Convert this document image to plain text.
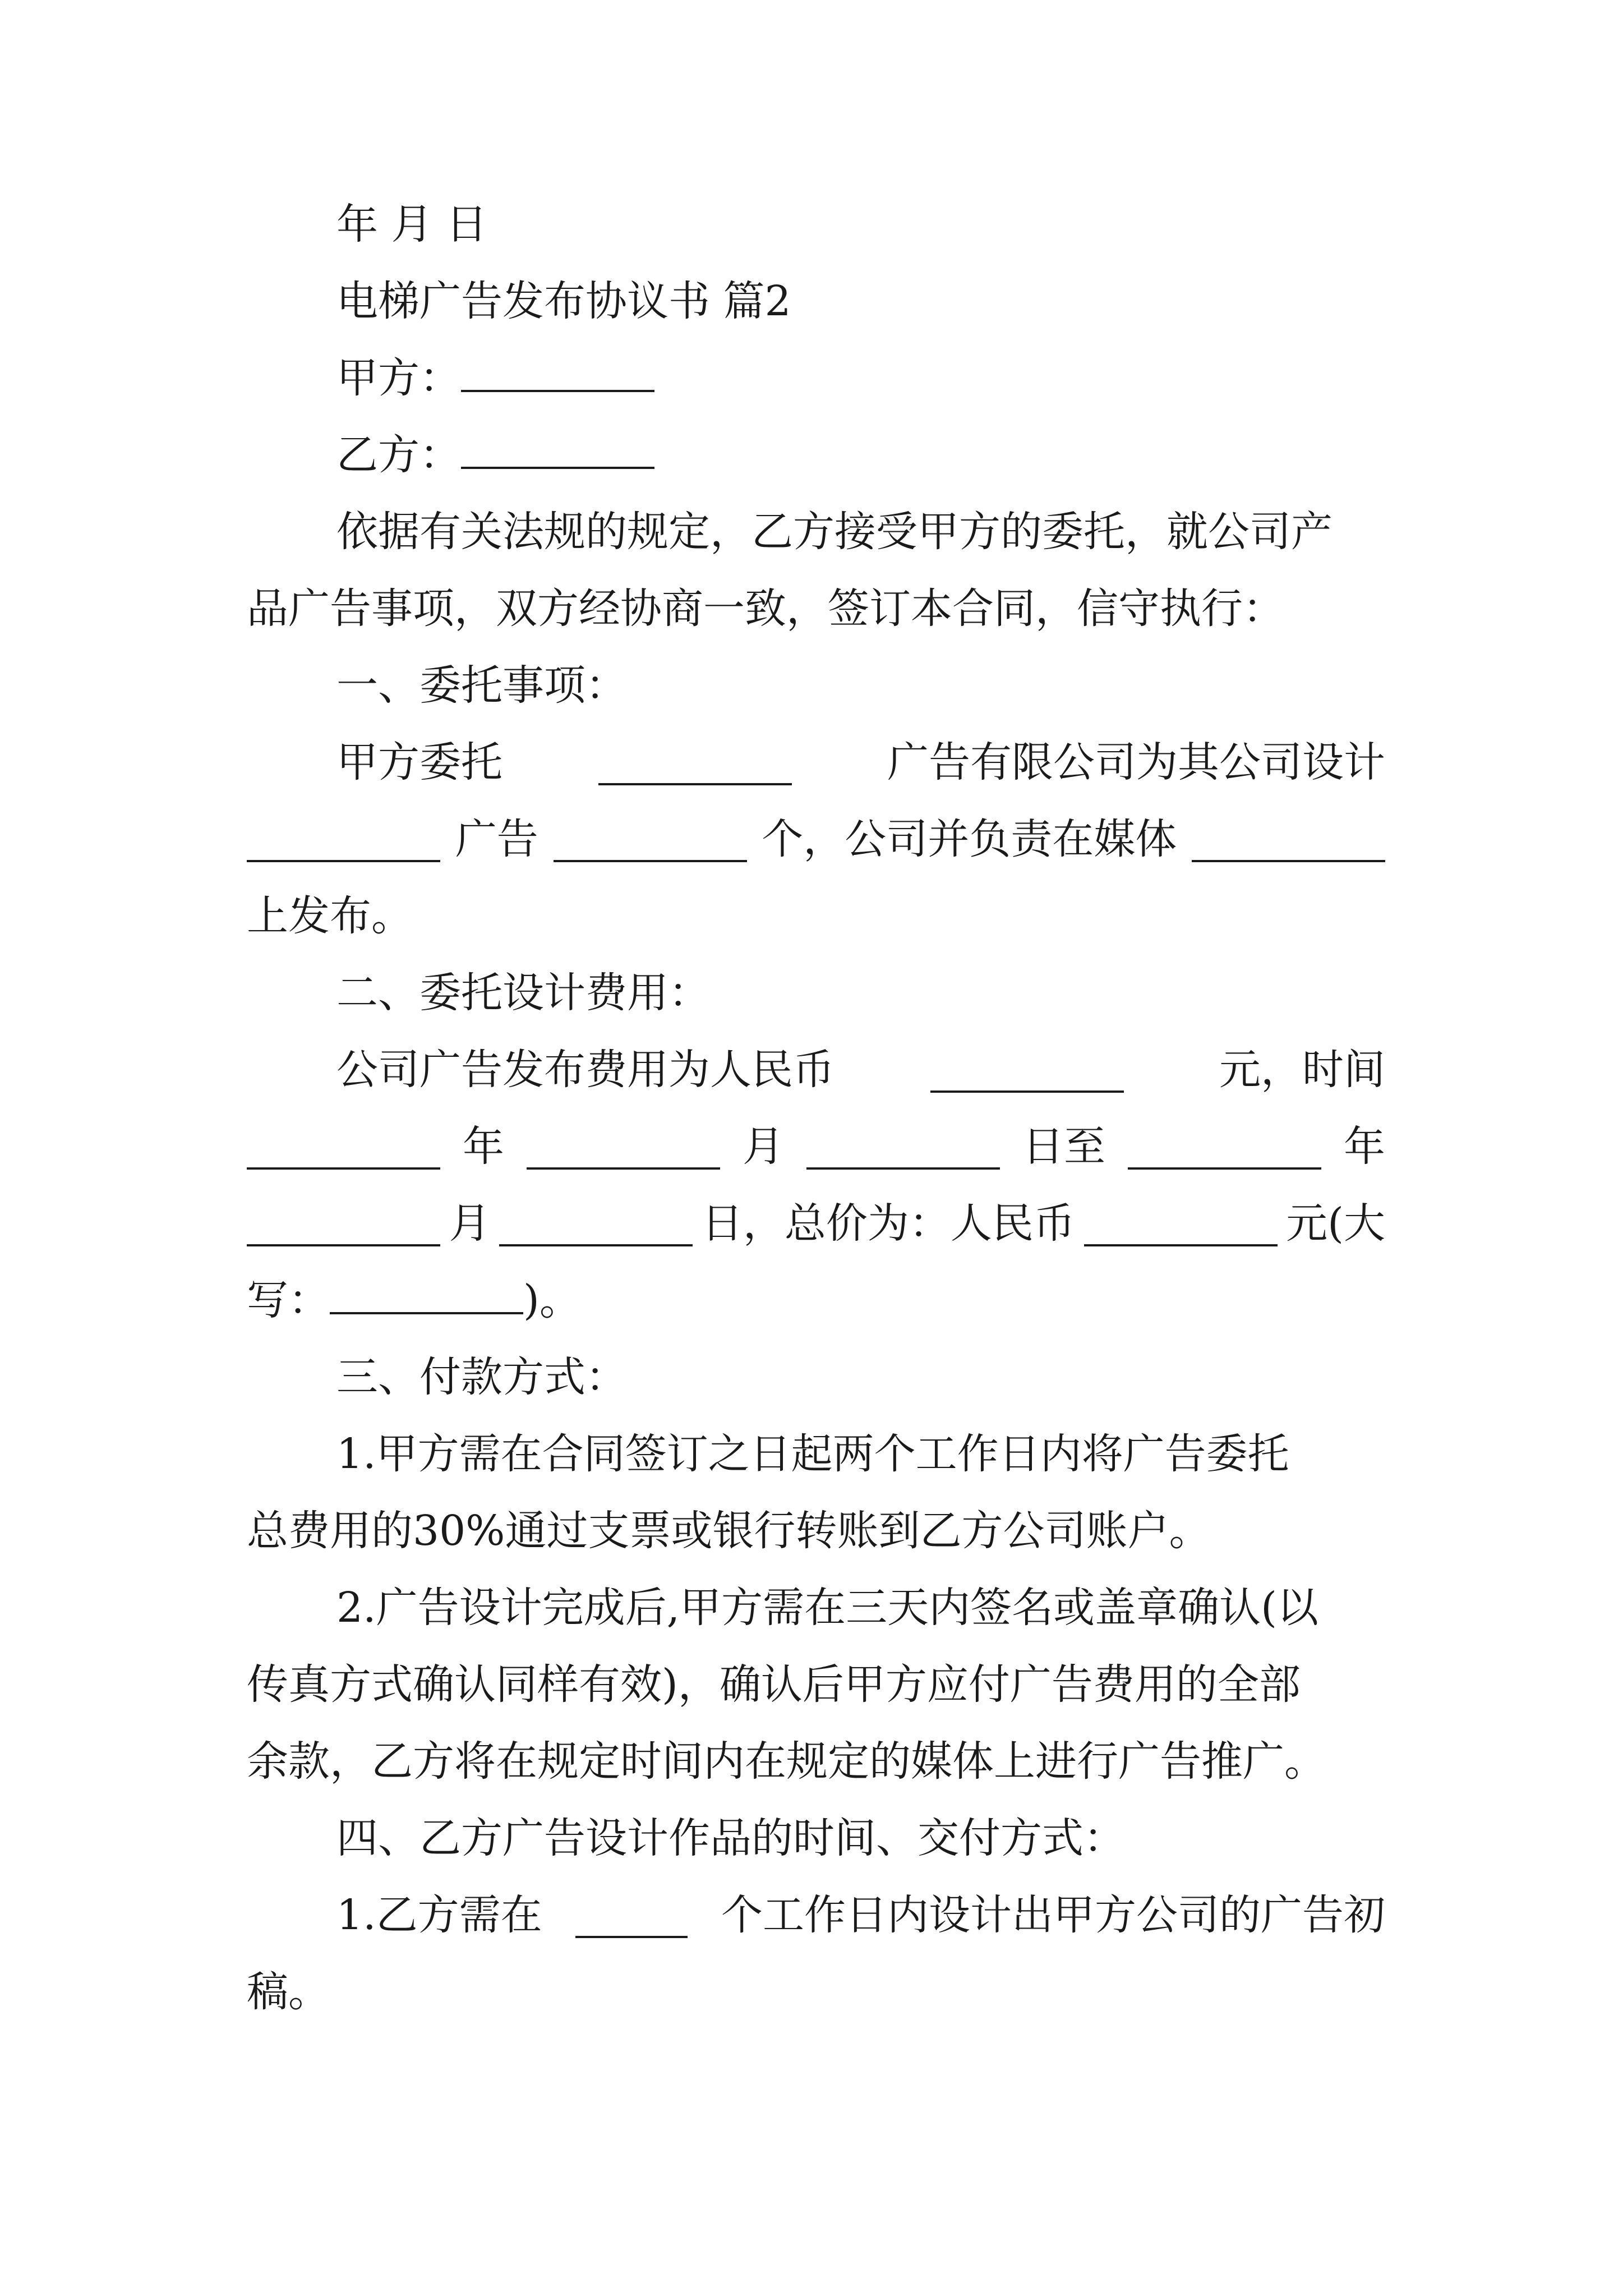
年 月 日
电梯广告发布协议书 篇2
甲方：
乙方：
依据有关法规的规定，乙方接受甲方的委托，就公司产
品广告事项，双方经协商一致，签订本合同，信守执行：
一、委托事项：
甲方委托	广告有限公司为其公司设计
广告	个，公司并负责在媒体
上发布。
二、委托设计费用：
公司广告发布费用为人民币	元，时间
年	月	日至	年
月	日，总价为：人民币	元(大
写：	)。
三、付款方式：
1.甲方需在合同签订之日起两个工作日内将广告委托
总费用的30%通过支票或银行转账到乙方公司账户。
2.广告设计完成后,甲方需在三天内签名或盖章确认(以
传真方式确认同样有效)，确认后甲方应付广告费用的全部
余款，乙方将在规定时间内在规定的媒体上进行广告推广。
四、乙方广告设计作品的时间、交付方式：
1.乙方需在	个工作日内设计出甲方公司的广告初
稿。
